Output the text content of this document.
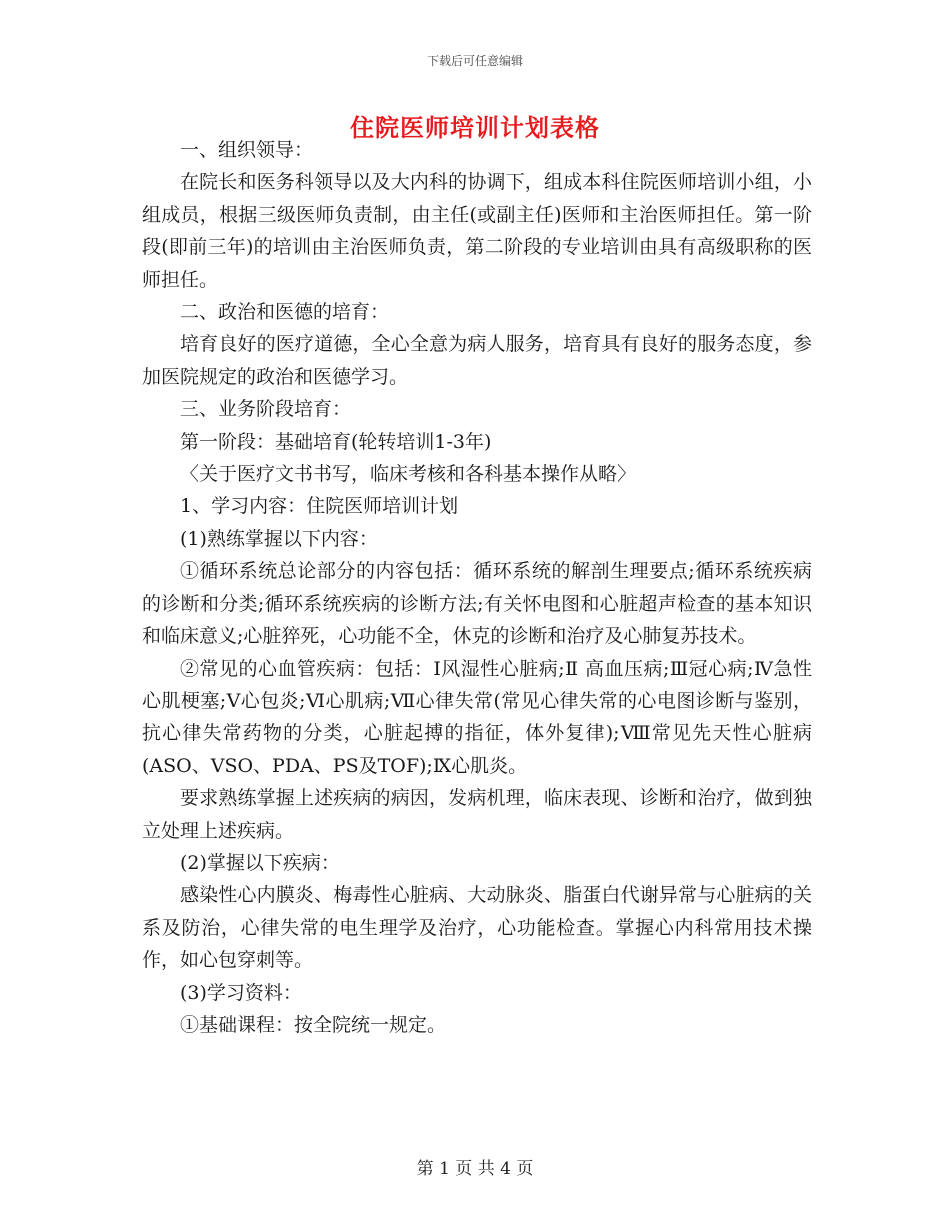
下载后可任意编辑
住院医师培训计划表格

一、组织领导：

在院长和医务科领导以及大内科的协调下，组成本科住院医师培训小组，小组成员，根据三级医师负责制，由主任(或副主任)医师和主治医师担任。第一阶段(即前三年)的培训由主治医师负责，第二阶段的专业培训由具有高级职称的医师担任。

二、政治和医德的培育：

培育良好的医疗道德，全心全意为病人服务，培育具有良好的服务态度，参加医院规定的政治和医德学习。

三、业务阶段培育：

第一阶段：基础培育(轮转培训1-3年)

〈关于医疗文书书写，临床考核和各科基本操作从略〉

1、学习内容：住院医师培训计划

(1)熟练掌握以下内容：

①循环系统总论部分的内容包括：循环系统的解剖生理要点;循环系统疾病的诊断和分类;循环系统疾病的诊断方法;有关怀电图和心脏超声检查的基本知识和临床意义;心脏猝死，心功能不全，休克的诊断和治疗及心肺复苏技术。

②常见的心血管疾病：包括：Ⅰ风湿性心脏病;Ⅱ 高血压病;Ⅲ冠心病;Ⅳ急性心肌梗塞;Ⅴ心包炎;Ⅵ心肌病;Ⅶ心律失常(常见心律失常的心电图诊断与鉴别，抗心律失常药物的分类，心脏起搏的指征，体外复律);Ⅷ常见先天性心脏病(ASO、VSO、PDA、PS及TOF);Ⅸ心肌炎。

要求熟练掌握上述疾病的病因，发病机理，临床表现、诊断和治疗，做到独立处理上述疾病。

(2)掌握以下疾病：

感染性心内膜炎、梅毒性心脏病、大动脉炎、脂蛋白代谢异常与心脏病的关系及防治，心律失常的电生理学及治疗，心功能检查。掌握心内科常用技术操作，如心包穿刺等。

(3)学习资料：

①基础课程：按全院统一规定。

第 1 页 共 4 页
